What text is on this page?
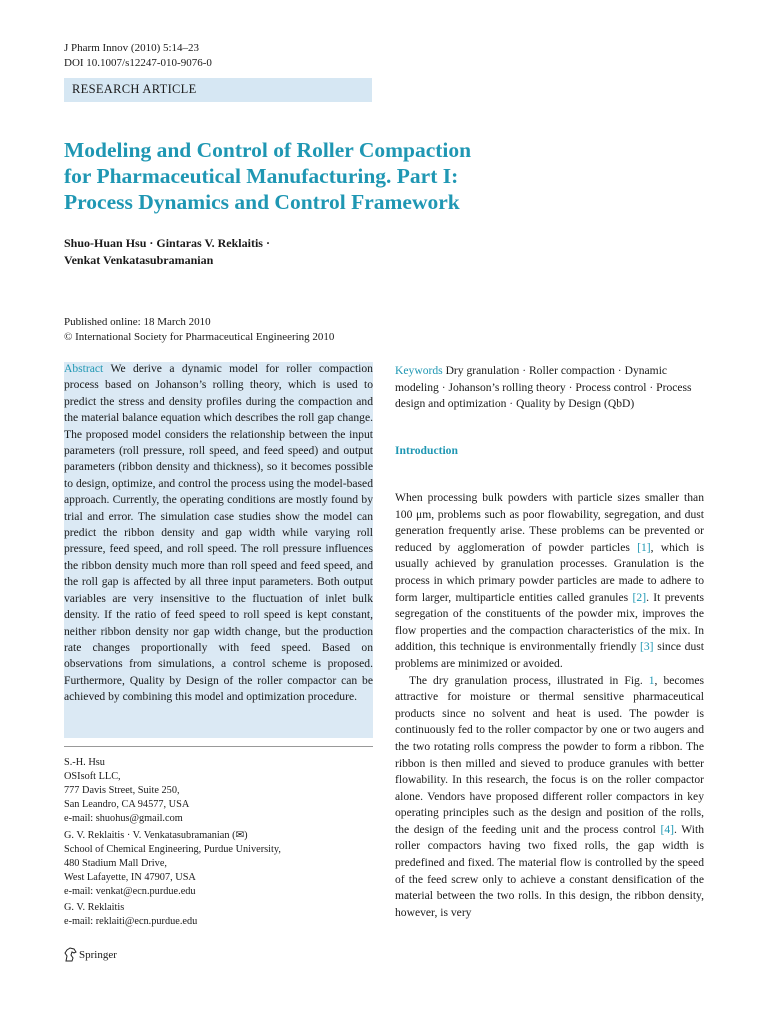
J Pharm Innov (2010) 5:14–23
DOI 10.1007/s12247-010-9076-0
RESEARCH ARTICLE
Modeling and Control of Roller Compaction
for Pharmaceutical Manufacturing. Part I:
Process Dynamics and Control Framework
Shuo-Huan Hsu · Gintaras V. Reklaitis ·
Venkat Venkatasubramanian
Published online: 18 March 2010
© International Society for Pharmaceutical Engineering 2010
Abstract We derive a dynamic model for roller compaction process based on Johanson’s rolling theory, which is used to predict the stress and density profiles during the compaction and the material balance equation which describes the roll gap change. The proposed model considers the relationship between the input parameters (roll pressure, roll speed, and feed speed) and output parameters (ribbon density and thickness), so it becomes possible to design, optimize, and control the process using the model-based approach. Currently, the operating conditions are mostly found by trial and error. The simulation case studies show the model can predict the ribbon density and gap width while varying roll pressure, feed speed, and roll speed. The roll pressure influences the ribbon density much more than roll speed and feed speed, and the roll gap is affected by all three input parameters. Both output variables are very insensitive to the fluctuation of inlet bulk density. If the ratio of feed speed to roll speed is kept constant, neither ribbon density nor gap width change, but the production rate changes proportionally with feed speed. Based on observations from simulations, a control scheme is proposed. Furthermore, Quality by Design of the roller compactor can be achieved by combining this model and optimization procedure.
S.-H. Hsu
OSIsoft LLC,
777 Davis Street, Suite 250,
San Leandro, CA 94577, USA
e-mail: shuohus@gmail.com
G. V. Reklaitis · V. Venkatasubramanian (✉)
School of Chemical Engineering, Purdue University,
480 Stadium Mall Drive,
West Lafayette, IN 47907, USA
e-mail: venkat@ecn.purdue.edu
G. V. Reklaitis
e-mail: reklaiti@ecn.purdue.edu
Springer
Keywords Dry granulation · Roller compaction · Dynamic modeling · Johanson’s rolling theory · Process control · Process design and optimization · Quality by Design (QbD)
Introduction

When processing bulk powders with particle sizes smaller than 100 μm, problems such as poor flowability, segregation, and dust generation frequently arise. These problems can be prevented or reduced by agglomeration of powder particles [1], which is usually achieved by granulation processes. Granulation is the process in which primary powder particles are made to adhere to form larger, multiparticle entities called granules [2]. It prevents segregation of the constituents of the powder mix, improves the flow properties and the compaction characteristics of the mix. In addition, this technique is environmentally friendly [3] since dust problems are minimized or avoided.

The dry granulation process, illustrated in Fig. 1, becomes attractive for moisture or thermal sensitive pharmaceutical products since no solvent and heat is used. The powder is continuously fed to the roller compactor by one or two augers and the two rotating rolls compress the powder to form a ribbon. The ribbon is then milled and sieved to produce granules with better flowability. In this research, the focus is on the roller compactor alone. Vendors have proposed different roller compactors in key operating principles such as the design and position of the rolls, the design of the feeding unit and the process control [4]. With roller compactors having two fixed rolls, the gap width is predefined and fixed. The material flow is controlled by the speed of the feed screw only to achieve a constant densification of the material between the two rolls. In this design, the ribbon density, however, is very
